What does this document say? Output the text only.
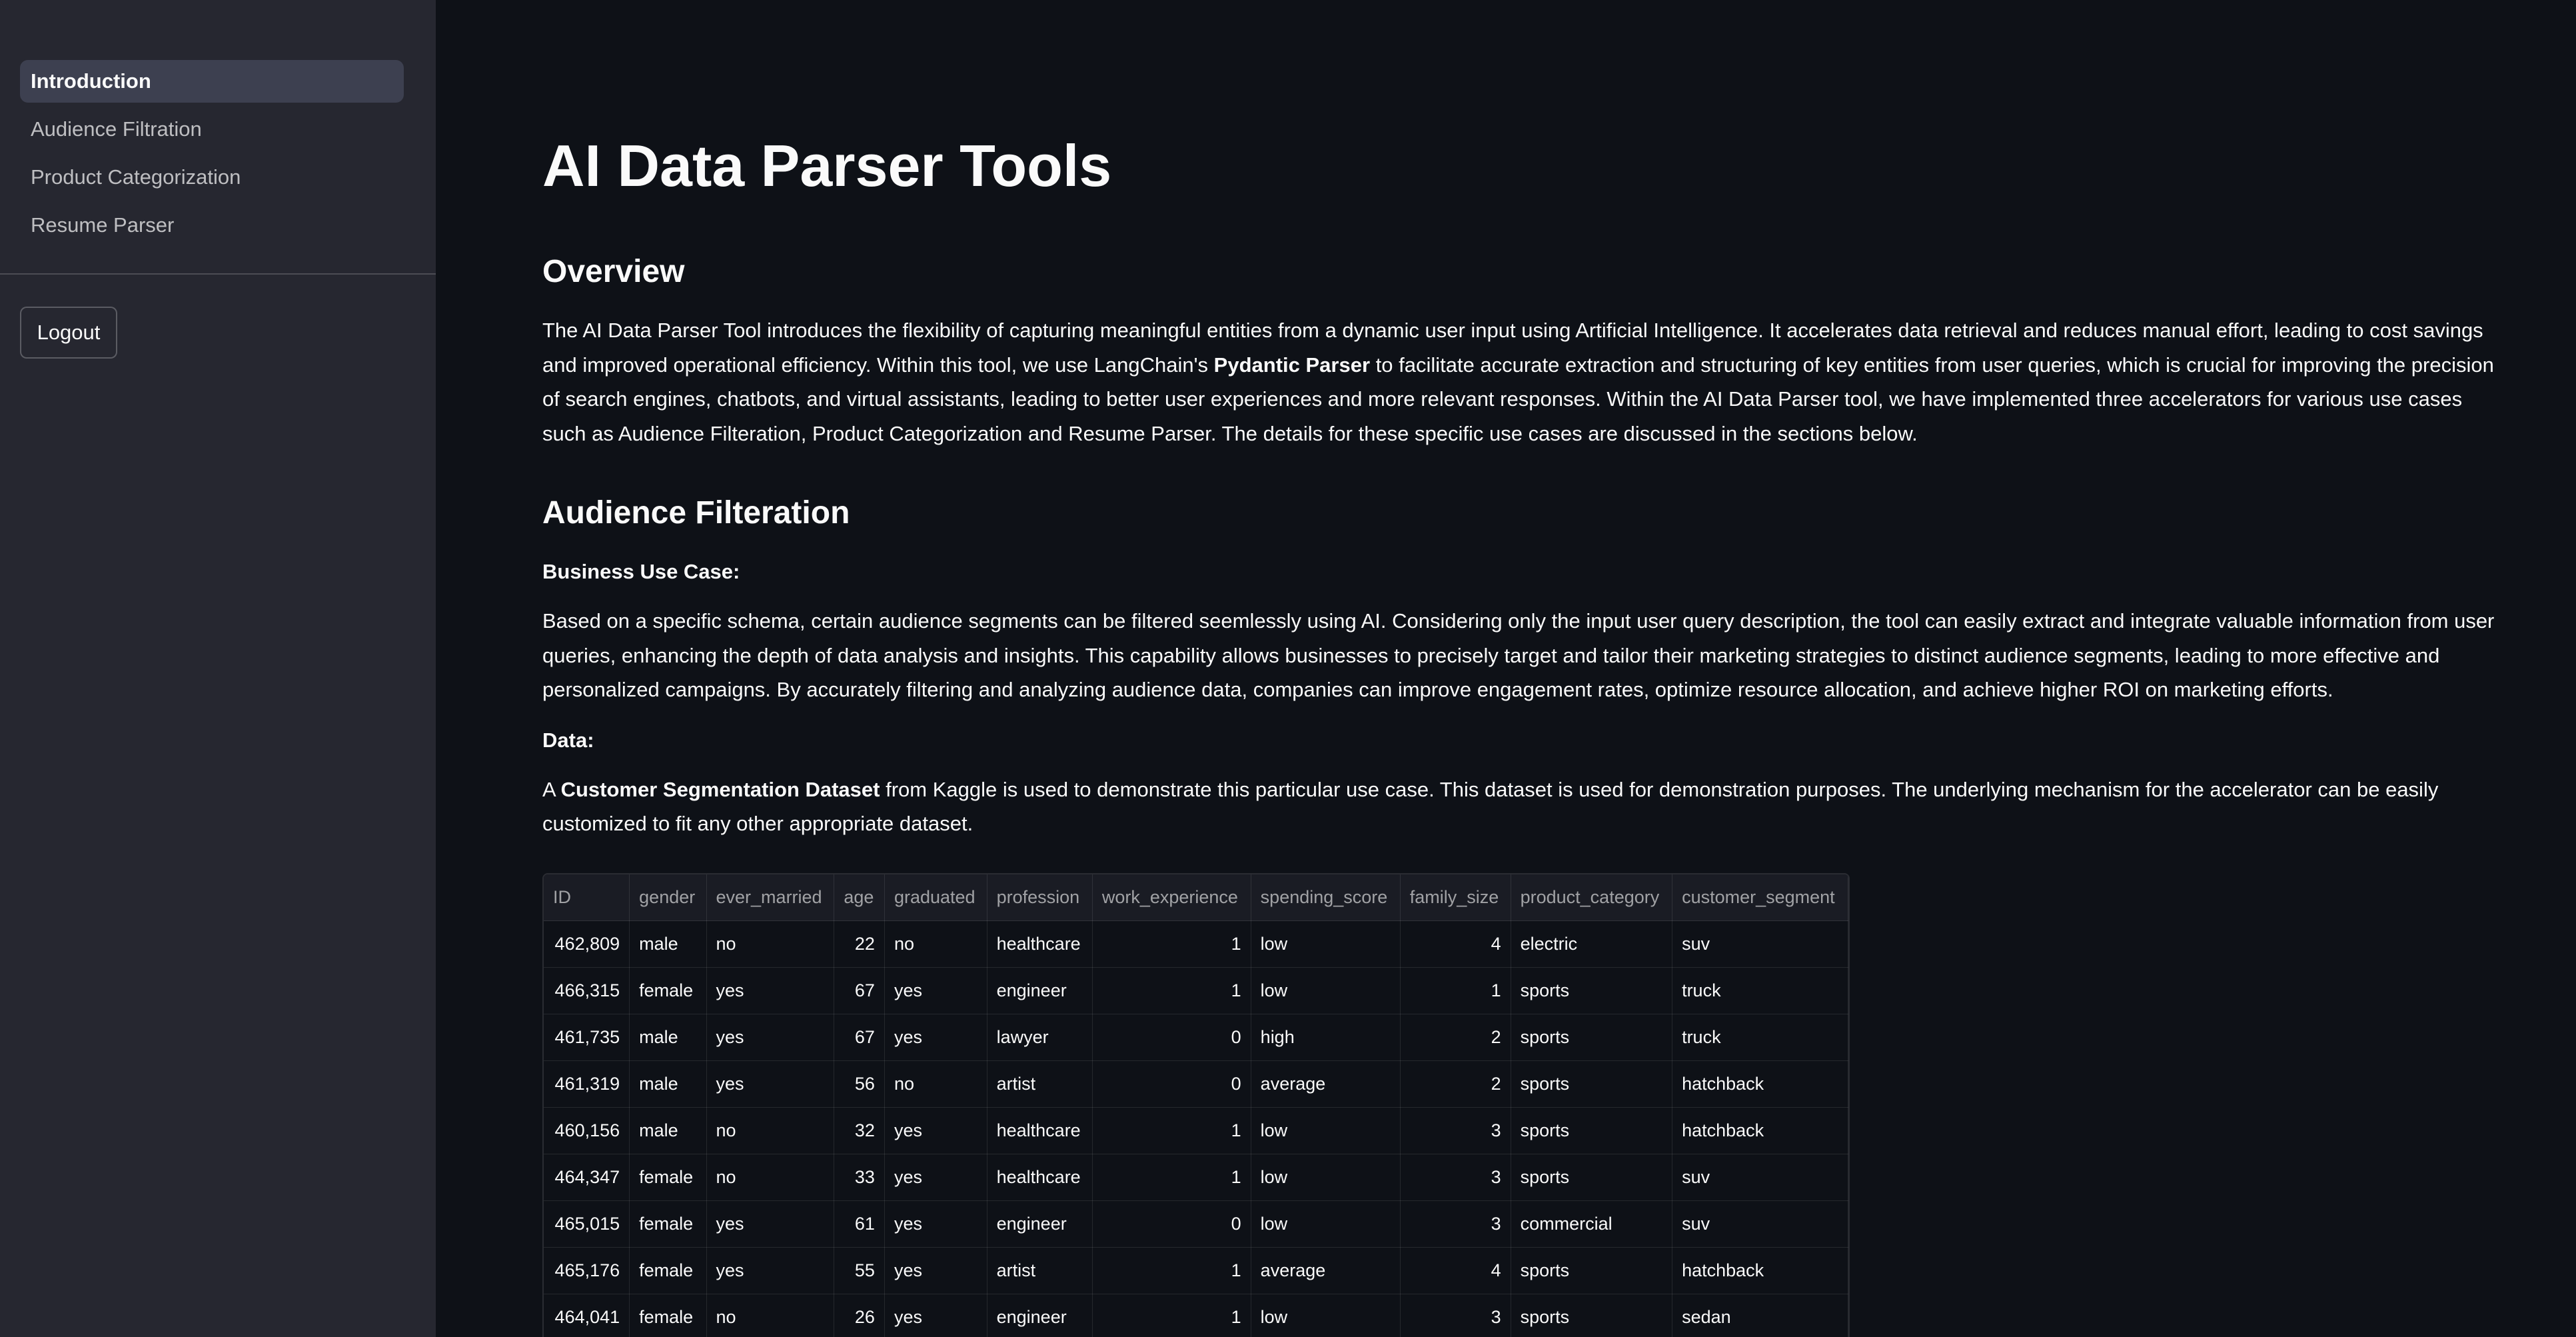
Introduction
Audience Filtration
Product Categorization
Resume Parser
Logout
AI Data Parser Tools
Overview

The AI Data Parser Tool introduces the flexibility of capturing meaningful entities from a dynamic user input using Artificial Intelligence. It accelerates data retrieval and reduces manual effort, leading to cost savings and improved operational efficiency. Within this tool, we use LangChain's Pydantic Parser to facilitate accurate extraction and structuring of key entities from user queries, which is crucial for improving the precision of search engines, chatbots, and virtual assistants, leading to better user experiences and more relevant responses. Within the AI Data Parser tool, we have implemented three accelerators for various use cases such as Audience Filteration, Product Categorization and Resume Parser. The details for these specific use cases are discussed in the sections below.

Audience Filteration

Business Use Case:

Based on a specific schema, certain audience segments can be filtered seemlessly using AI. Considering only the input user query description, the tool can easily extract and integrate valuable information from user queries, enhancing the depth of data analysis and insights. This capability allows businesses to precisely target and tailor their marketing strategies to distinct audience segments, leading to more effective and personalized campaigns. By accurately filtering and analyzing audience data, companies can improve engagement rates, optimize resource allocation, and achieve higher ROI on marketing efforts.

Data:

A Customer Segmentation Dataset from Kaggle is used to demonstrate this particular use case. This dataset is used for demonstration purposes. The underlying mechanism for the accelerator can be easily customized to fit any other appropriate dataset.

ID	gender	ever_married	age	graduated	profession	work_experience	spending_score	family_size	product_category	customer_segment
462,809	male	no	22	no	healthcare	1	low	4	electric	suv
466,315	female	yes	67	yes	engineer	1	low	1	sports	truck
461,735	male	yes	67	yes	lawyer	0	high	2	sports	truck
461,319	male	yes	56	no	artist	0	average	2	sports	hatchback
460,156	male	no	32	yes	healthcare	1	low	3	sports	hatchback
464,347	female	no	33	yes	healthcare	1	low	3	sports	suv
465,015	female	yes	61	yes	engineer	0	low	3	commercial	suv
465,176	female	yes	55	yes	artist	1	average	4	sports	hatchback
464,041	female	no	26	yes	engineer	1	low	3	sports	sedan
